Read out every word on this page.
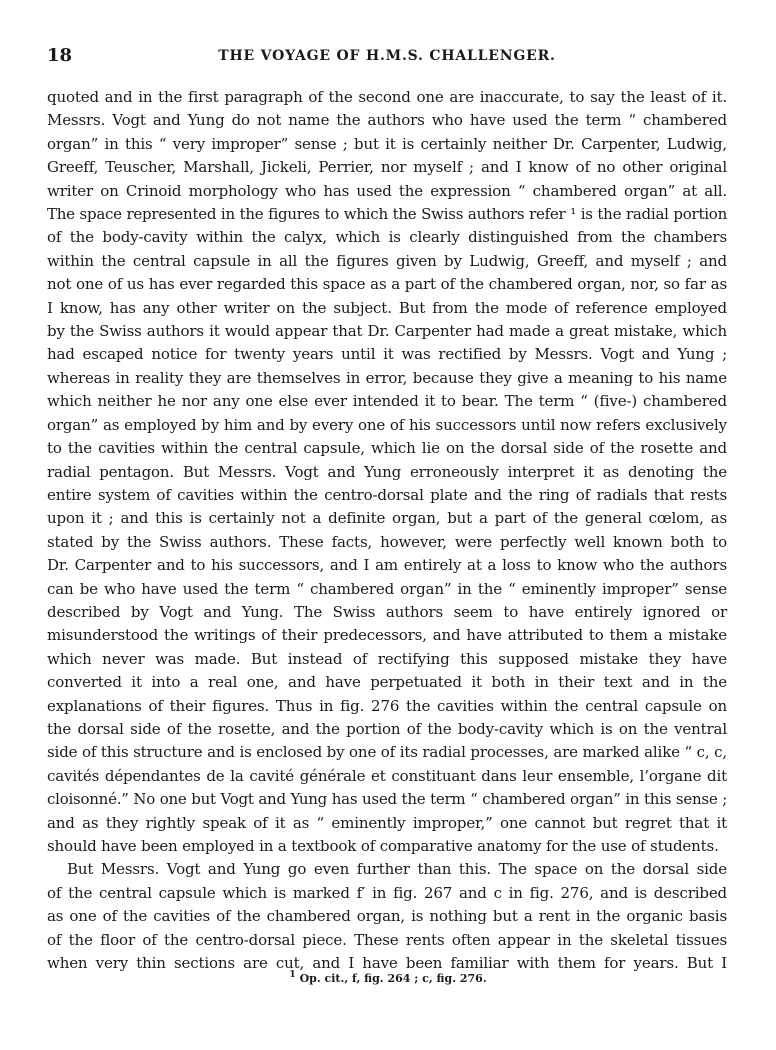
18	THE VOYAGE OF H.M.S. CHALLENGER.
quoted and in the first paragraph of the second one are inaccurate, to say the least of it.
Messrs. Vogt and Yung do not name the authors who have used the term “ chambered
organ” in this “ very improper” sense ; but it is certainly neither Dr. Carpenter, Ludwig,
Greeff, Teuscher, Marshall, Jickeli, Perrier, nor myself ; and I know of no other original
writer on Crinoid morphology who has used the expression “ chambered organ” at all.
The space represented in the figures to which the Swiss authors refer ¹ is the radial portion
of the body-cavity within the calyx, which is clearly distinguished from the chambers
within the central capsule in all the figures given by Ludwig, Greeff, and myself ; and
not one of us has ever regarded this space as a part of the chambered organ, nor, so far as
I know, has any other writer on the subject. But from the mode of reference employed
by the Swiss authors it would appear that Dr. Carpenter had made a great mistake, which
had escaped notice for twenty years until it was rectified by Messrs. Vogt and Yung ;
whereas in reality they are themselves in error, because they give a meaning to his name
which neither he nor any one else ever intended it to bear. The term “ (five-) chambered
organ” as employed by him and by every one of his successors until now refers exclusively
to the cavities within the central capsule, which lie on the dorsal side of the rosette and
radial pentagon. But Messrs. Vogt and Yung erroneously interpret it as denoting the
entire system of cavities within the centro-dorsal plate and the ring of radials that rests
upon it ; and this is certainly not a definite organ, but a part of the general cœlom, as
stated by the Swiss authors. These facts, however, were perfectly well known both to
Dr. Carpenter and to his successors, and I am entirely at a loss to know who the authors
can be who have used the term “ chambered organ” in the “ eminently improper” sense
described by Vogt and Yung. The Swiss authors seem to have entirely ignored or
misunderstood the writings of their predecessors, and have attributed to them a mistake
which never was made. But instead of rectifying this supposed mistake they have
converted it into a real one, and have perpetuated it both in their text and in the
explanations of their figures. Thus in fig. 276 the cavities within the central capsule on
the dorsal side of the rosette, and the portion of the body-cavity which is on the ventral
side of this structure and is enclosed by one of its radial processes, are marked alike “ c, c,
cavités dépendantes de la cavité générale et constituant dans leur ensemble, l’organe dit
cloisonné.” No one but Vogt and Yung has used the term “ chambered organ” in this sense ;
and as they rightly speak of it as “ eminently improper,” one cannot but regret that it
should have been employed in a textbook of comparative anatomy for the use of students.
But Messrs. Vogt and Yung go even further than this. The space on the dorsal side
of the central capsule which is marked f′ in fig. 267 and c in fig. 276, and is described
as one of the cavities of the chambered organ, is nothing but a rent in the organic basis
of the floor of the centro-dorsal piece. These rents often appear in the skeletal tissues
when very thin sections are cut, and I have been familiar with them for years. But I
$^1$ Op. cit., f, fig. 264 ; c, fig. 276.
